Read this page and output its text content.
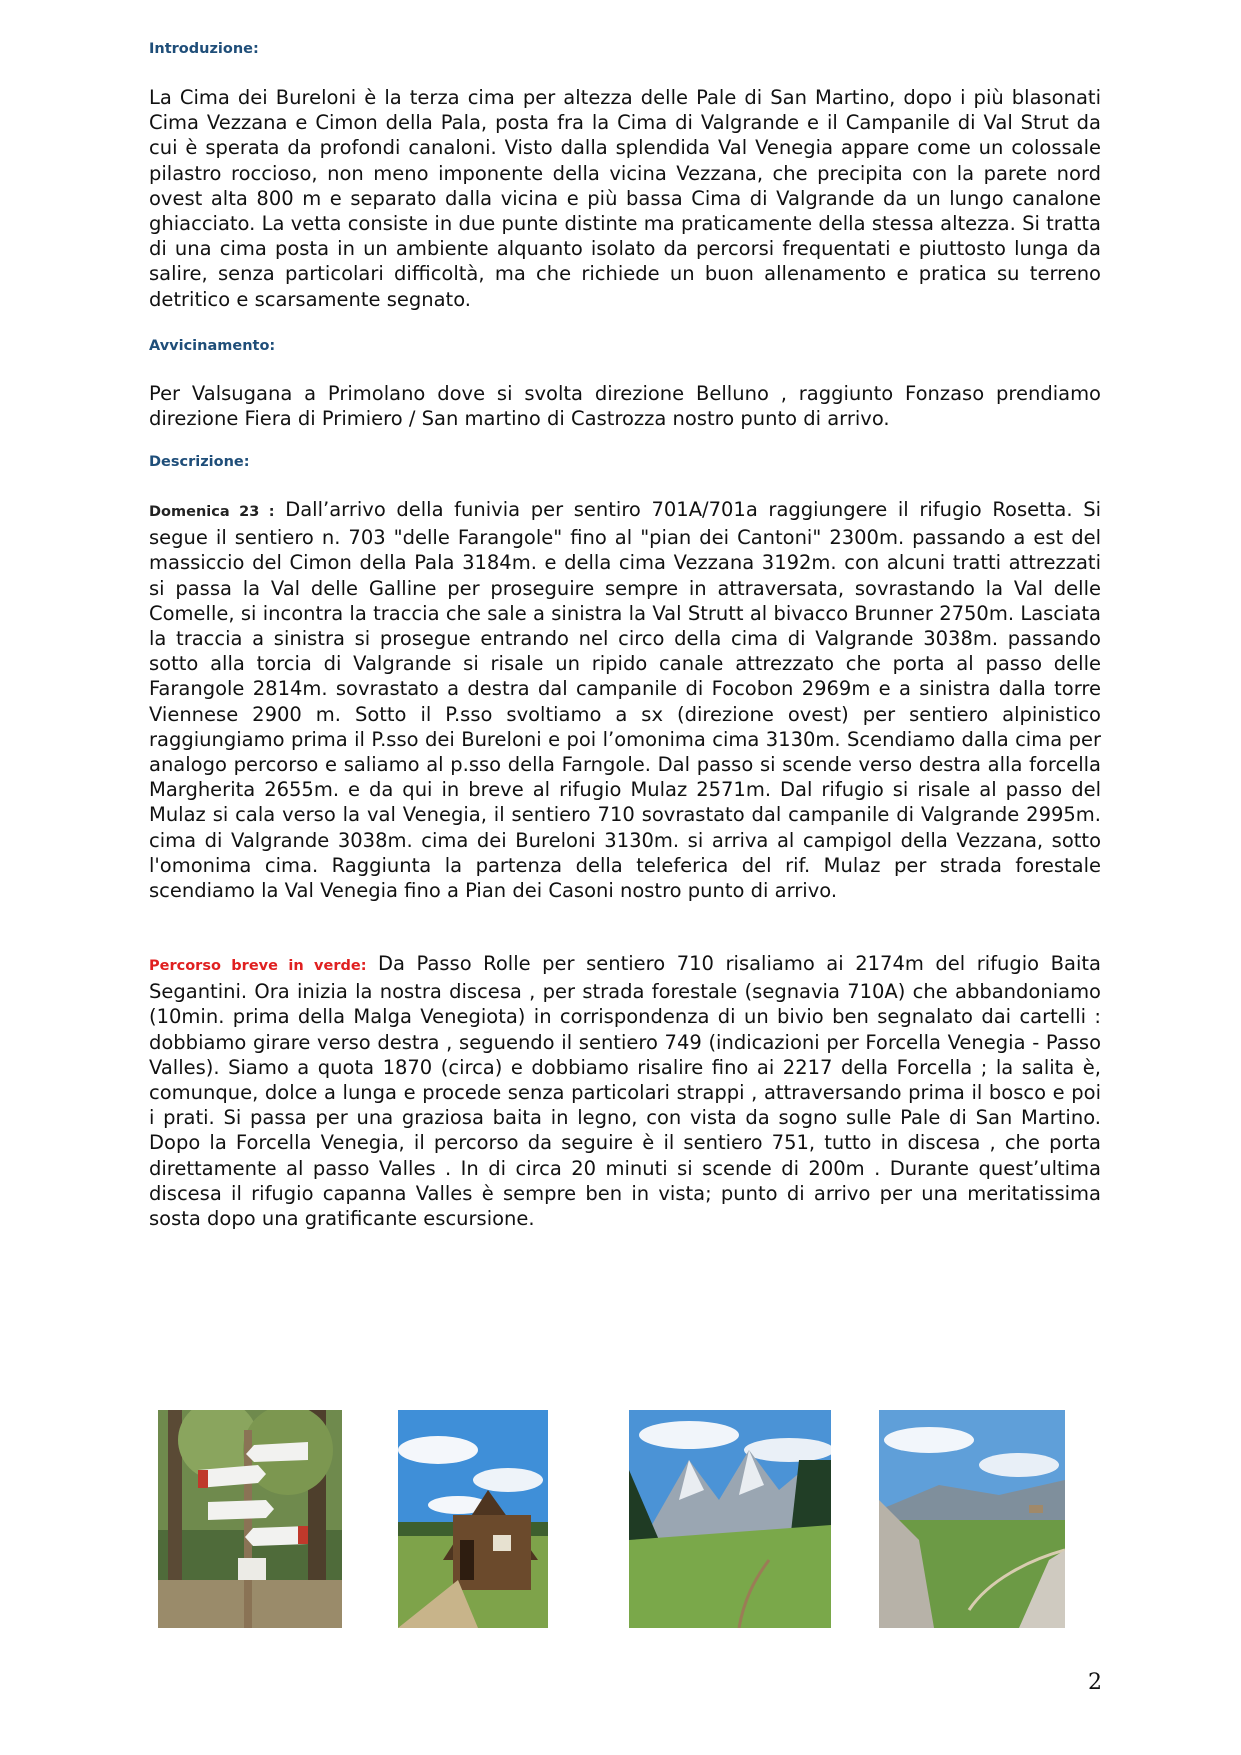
Introduzione:

La Cima dei Bureloni è la terza cima per altezza delle Pale di San Martino, dopo i più blasonati Cima Vezzana e Cimon della Pala, posta fra la Cima di Valgrande e il Campanile di Val Strut da cui è sperata da profondi canaloni. Visto dalla splendida Val Venegia appare come un colossale pilastro roccioso, non meno imponente della vicina Vezzana, che precipita con la parete nord ovest alta 800 m e separato dalla vicina e più bassa Cima di Valgrande da un lungo canalone ghiacciato. La vetta consiste in due punte distinte ma praticamente della stessa altezza. Si tratta di una cima posta in un ambiente alquanto isolato da percorsi frequentati e piuttosto lunga da salire, senza particolari difficoltà, ma che richiede un buon allenamento e pratica su terreno detritico e scarsamente segnato.

Avvicinamento:

Per Valsugana a Primolano dove si svolta direzione Belluno , raggiunto Fonzaso prendiamo direzione Fiera di Primiero / San martino di Castrozza nostro punto di arrivo.

Descrizione:

Domenica 23 : Dall’arrivo della funivia per sentiro 701A/701a raggiungere il rifugio Rosetta. Si segue il sentiero n. 703 "delle Farangole" fino al "pian dei Cantoni" 2300m. passando a est del massiccio del Cimon della Pala 3184m. e della cima Vezzana 3192m. con alcuni tratti attrezzati si passa la Val delle Galline per proseguire sempre in attraversata, sovrastando la Val delle Comelle, si incontra la traccia che sale a sinistra la Val Strutt al bivacco Brunner 2750m. Lasciata la traccia a sinistra si prosegue entrando nel circo della cima di Valgrande 3038m. passando sotto alla torcia di Valgrande si risale un ripido canale attrezzato che porta al passo delle Farangole 2814m. sovrastato a destra dal campanile di Focobon 2969m e a sinistra dalla torre Viennese 2900 m. Sotto il P.sso svoltiamo a sx (direzione ovest) per sentiero alpinistico raggiungiamo prima il P.sso dei Bureloni e poi l’omonima cima 3130m. Scendiamo dalla cima per analogo percorso e saliamo al p.sso della Farngole. Dal passo si scende verso destra alla forcella Margherita 2655m. e da qui in breve al rifugio Mulaz 2571m. Dal rifugio si risale al passo del Mulaz si cala verso la val Venegia, il sentiero 710 sovrastato dal campanile di Valgrande 2995m. cima di Valgrande 3038m. cima dei Bureloni 3130m. si arriva al campigol della Vezzana, sotto l'omonima cima. Raggiunta la partenza della teleferica del rif. Mulaz per strada forestale scendiamo la Val Venegia fino a Pian dei Casoni nostro punto di arrivo.

Percorso breve in verde: Da Passo Rolle per sentiero 710 risaliamo ai 2174m del rifugio Baita Segantini. Ora inizia la nostra discesa , per strada forestale (segnavia 710A) che abbandoniamo (10min. prima della Malga Venegiota) in corrispondenza di un bivio ben segnalato dai cartelli : dobbiamo girare verso destra , seguendo il sentiero 749 (indicazioni per Forcella Venegia - Passo Valles). Siamo a quota 1870 (circa) e dobbiamo risalire fino ai 2217 della Forcella ; la salita è, comunque, dolce a lunga e procede senza particolari strappi , attraversando prima il bosco e poi i prati. Si passa per una graziosa baita in legno, con vista da sogno sulle Pale di San Martino. Dopo la Forcella Venegia, il percorso da seguire è il sentiero 751, tutto in discesa , che porta direttamente al passo Valles . In di circa 20 minuti si scende di 200m . Durante quest’ultima discesa il rifugio capanna Valles è sempre ben in vista; punto di arrivo per una meritatissima sosta dopo una gratificante escursione.

2
